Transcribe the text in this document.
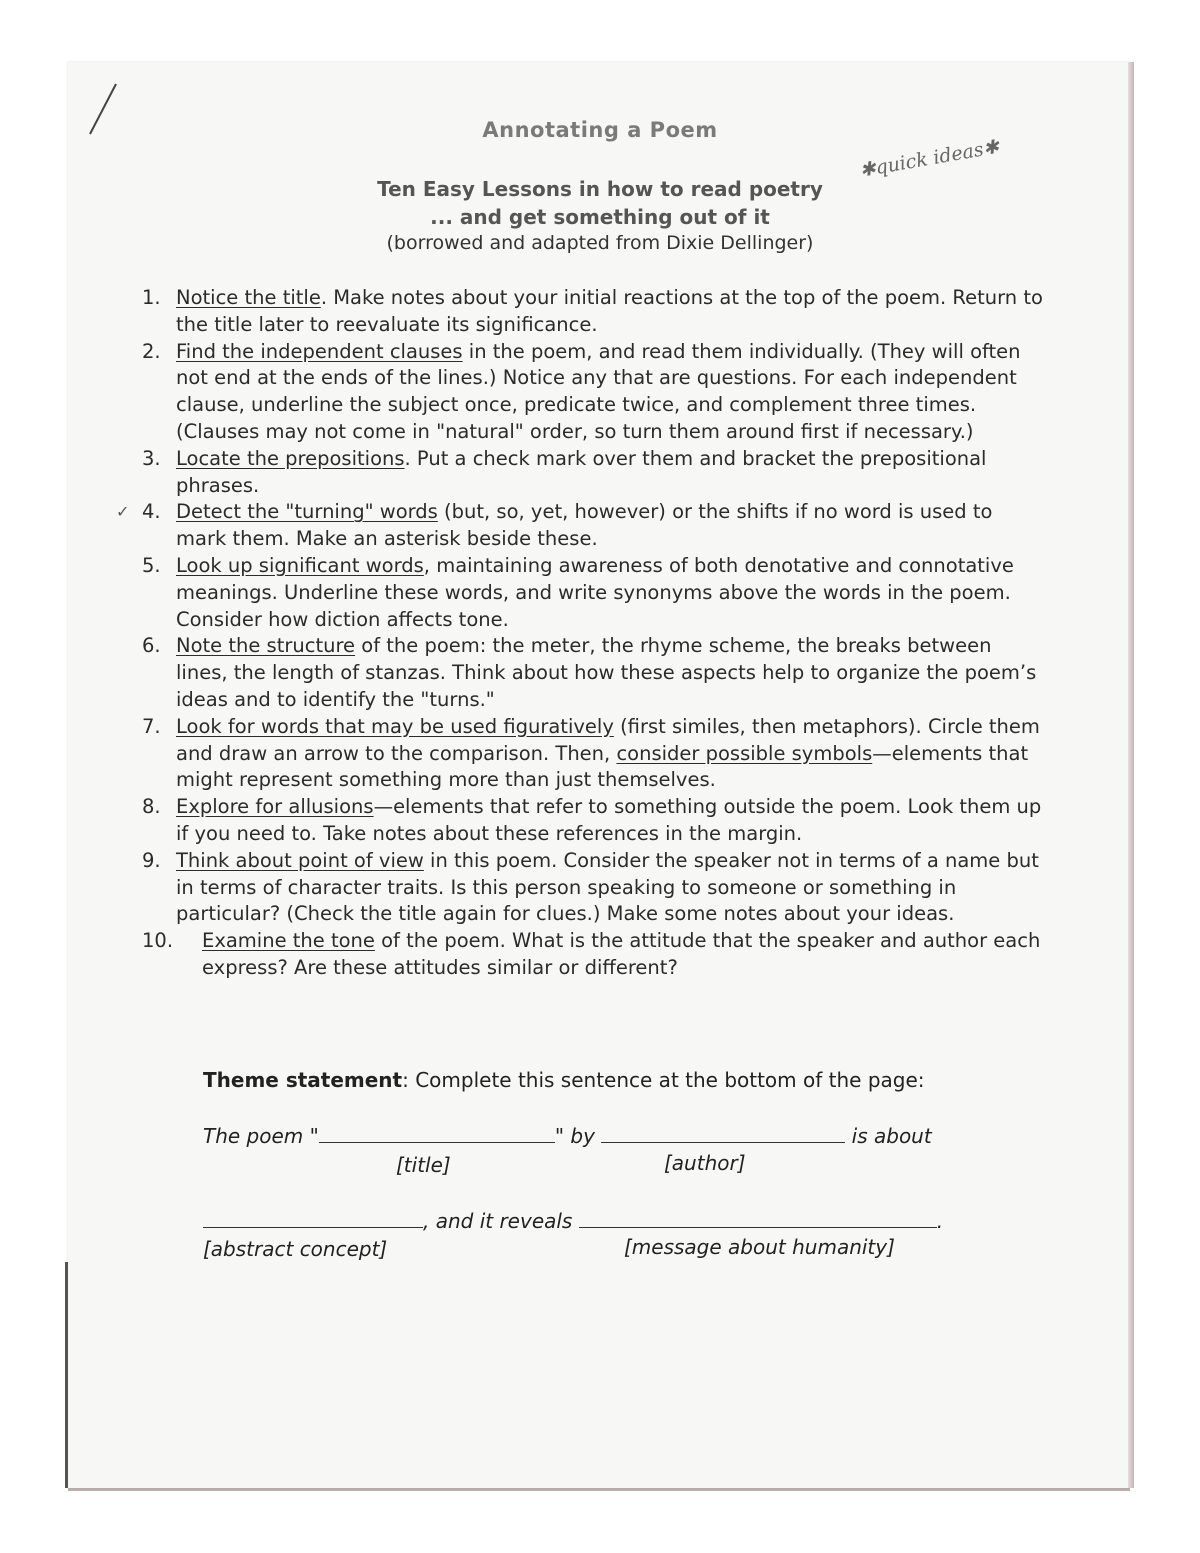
Annotating a Poem
Ten Easy Lessons in how to read poetry
✱quick ideas✱
... and get something out of it
(borrowed and adapted from Dixie Dellinger)
1. Notice the title. Make notes about your initial reactions at the top of the poem. Return to the title later to reevaluate its significance.
2. Find the independent clauses in the poem, and read them individually. (They will often not end at the ends of the lines.) Notice any that are questions. For each independent clause, underline the subject once, predicate twice, and complement three times. (Clauses may not come in "natural" order, so turn them around first if necessary.)
3. Locate the prepositions. Put a check mark over them and bracket the prepositional phrases.
✓ 4. Detect the "turning" words (but, so, yet, however) or the shifts if no word is used to mark them. Make an asterisk beside these.
5. Look up significant words, maintaining awareness of both denotative and connotative meanings. Underline these words, and write synonyms above the words in the poem. Consider how diction affects tone.
6. Note the structure of the poem: the meter, the rhyme scheme, the breaks between lines, the length of stanzas. Think about how these aspects help to organize the poem’s ideas and to identify the "turns."
7. Look for words that may be used figuratively (first similes, then metaphors). Circle them and draw an arrow to the comparison. Then, consider possible symbols—elements that might represent something more than just themselves.
8. Explore for allusions—elements that refer to something outside the poem. Look them up if you need to. Take notes about these references in the margin.
9. Think about point of view in this poem. Consider the speaker not in terms of a name but in terms of character traits. Is this person speaking to someone or something in particular? (Check the title again for clues.) Make some notes about your ideas.
10. Examine the tone of the poem. What is the attitude that the speaker and author each express? Are these attitudes similar or different?
Theme statement: Complete this sentence at the bottom of the page:
The poem "	" by	is about
[title]	[author]
, and it reveals	.
[abstract concept]	[message about humanity]
